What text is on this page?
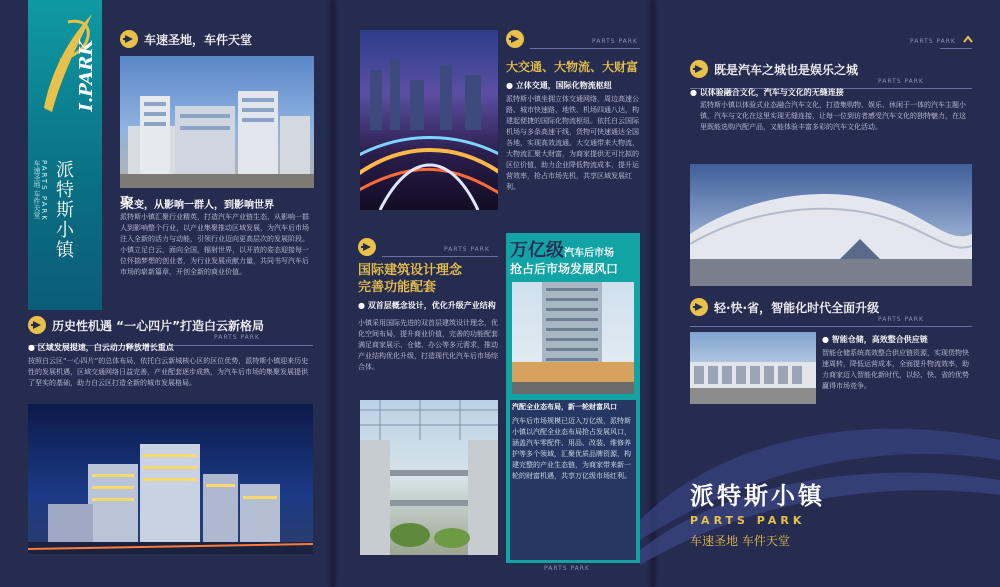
I.PARK
派特斯小镇
PARTS PARK
车速圣地 车件天堂
车速圣地，车件天堂
聚变，从影响一群人，到影响世界
派特斯小镇汇聚行业精英，打造汽车产业链生态，从影响一群人到影响整个行业，以产业集聚推动区域发展，为汽车后市场注入全新的活力与动能，引领行业迈向更高层次的发展阶段。小镇立足白云，面向全国，辐射世界，以开放的姿态迎接每一位怀揣梦想的创业者，为行业发展贡献力量，共同书写汽车后市场的崭新篇章，开创全新的商业价值。
历史性机遇 “一心四片”打造白云新格局
PARTS PARK
● 区域发展提速，白云动力释放增长重点
按照白云区“一心四片”的总体布局，依托白云新城核心区的区位优势，派特斯小镇迎来历史性的发展机遇，区域交通网络日益完善，产业配套逐步成熟，为汽车后市场的集聚发展提供了坚实的基础，助力白云区打造全新的城市发展格局。
PARTS PARK
大交通、大物流、大财富
● 立体交通，国际化物流枢纽
派特斯小镇坐拥立体交通网络，周边高速公路、城市快速路、地铁、机场四通八达，构建起便捷的国际化物流枢纽。依托白云国际机场与多条高速干线，货物可快速通达全国各地，实现高效流通。大交通带来大物流，大物流汇聚大财富，为商家提供无可比拟的区位价值，助力企业降低物流成本，提升运营效率，抢占市场先机，共享区域发展红利。
PARTS PARK
国际建筑设计理念
完善功能配套
● 双首层概念设计，优化升级产业结构
小镇采用国际先进的双首层建筑设计理念，优化空间布局，提升商业价值，完善的功能配套满足商家展示、仓储、办公等多元需求，推动产业结构优化升级，打造现代化汽车后市场综合体。
万亿级汽车后市场
抢占后市场发展风口
汽配全业态布局，新一轮财富风口
汽车后市场规模已迈入万亿级，派特斯小镇以汽配全业态布局抢占发展风口，涵盖汽车零配件、用品、改装、维修养护等多个领域，汇聚优质品牌资源，构建完整的产业生态链，为商家带来新一轮的财富机遇，共享万亿级市场红利。
PARTS PARK
PARTS PARK
既是汽车之城也是娱乐之城
PARTS PARK
● 以体验融合文化，汽车与文化的无缝连接
派特斯小镇以体验式业态融合汽车文化，打造集购物、娱乐、休闲于一体的汽车主题小镇，汽车与文化在这里实现无缝连接，让每一位到访者感受汽车文化的独特魅力，在这里既能选购汽配产品，又能体验丰富多彩的汽车文化活动。
轻·快·省，智能化时代全面升级
PARTS PARK
● 智能仓储，高效整合供应链
智能仓储系统高效整合供应链资源，实现货物快速周转，降低运营成本，全面提升物流效率，助力商家迈入智能化新时代，以轻、快、省的优势赢得市场竞争。
派特斯小镇
PARTS PARK
车速圣地 车件天堂
